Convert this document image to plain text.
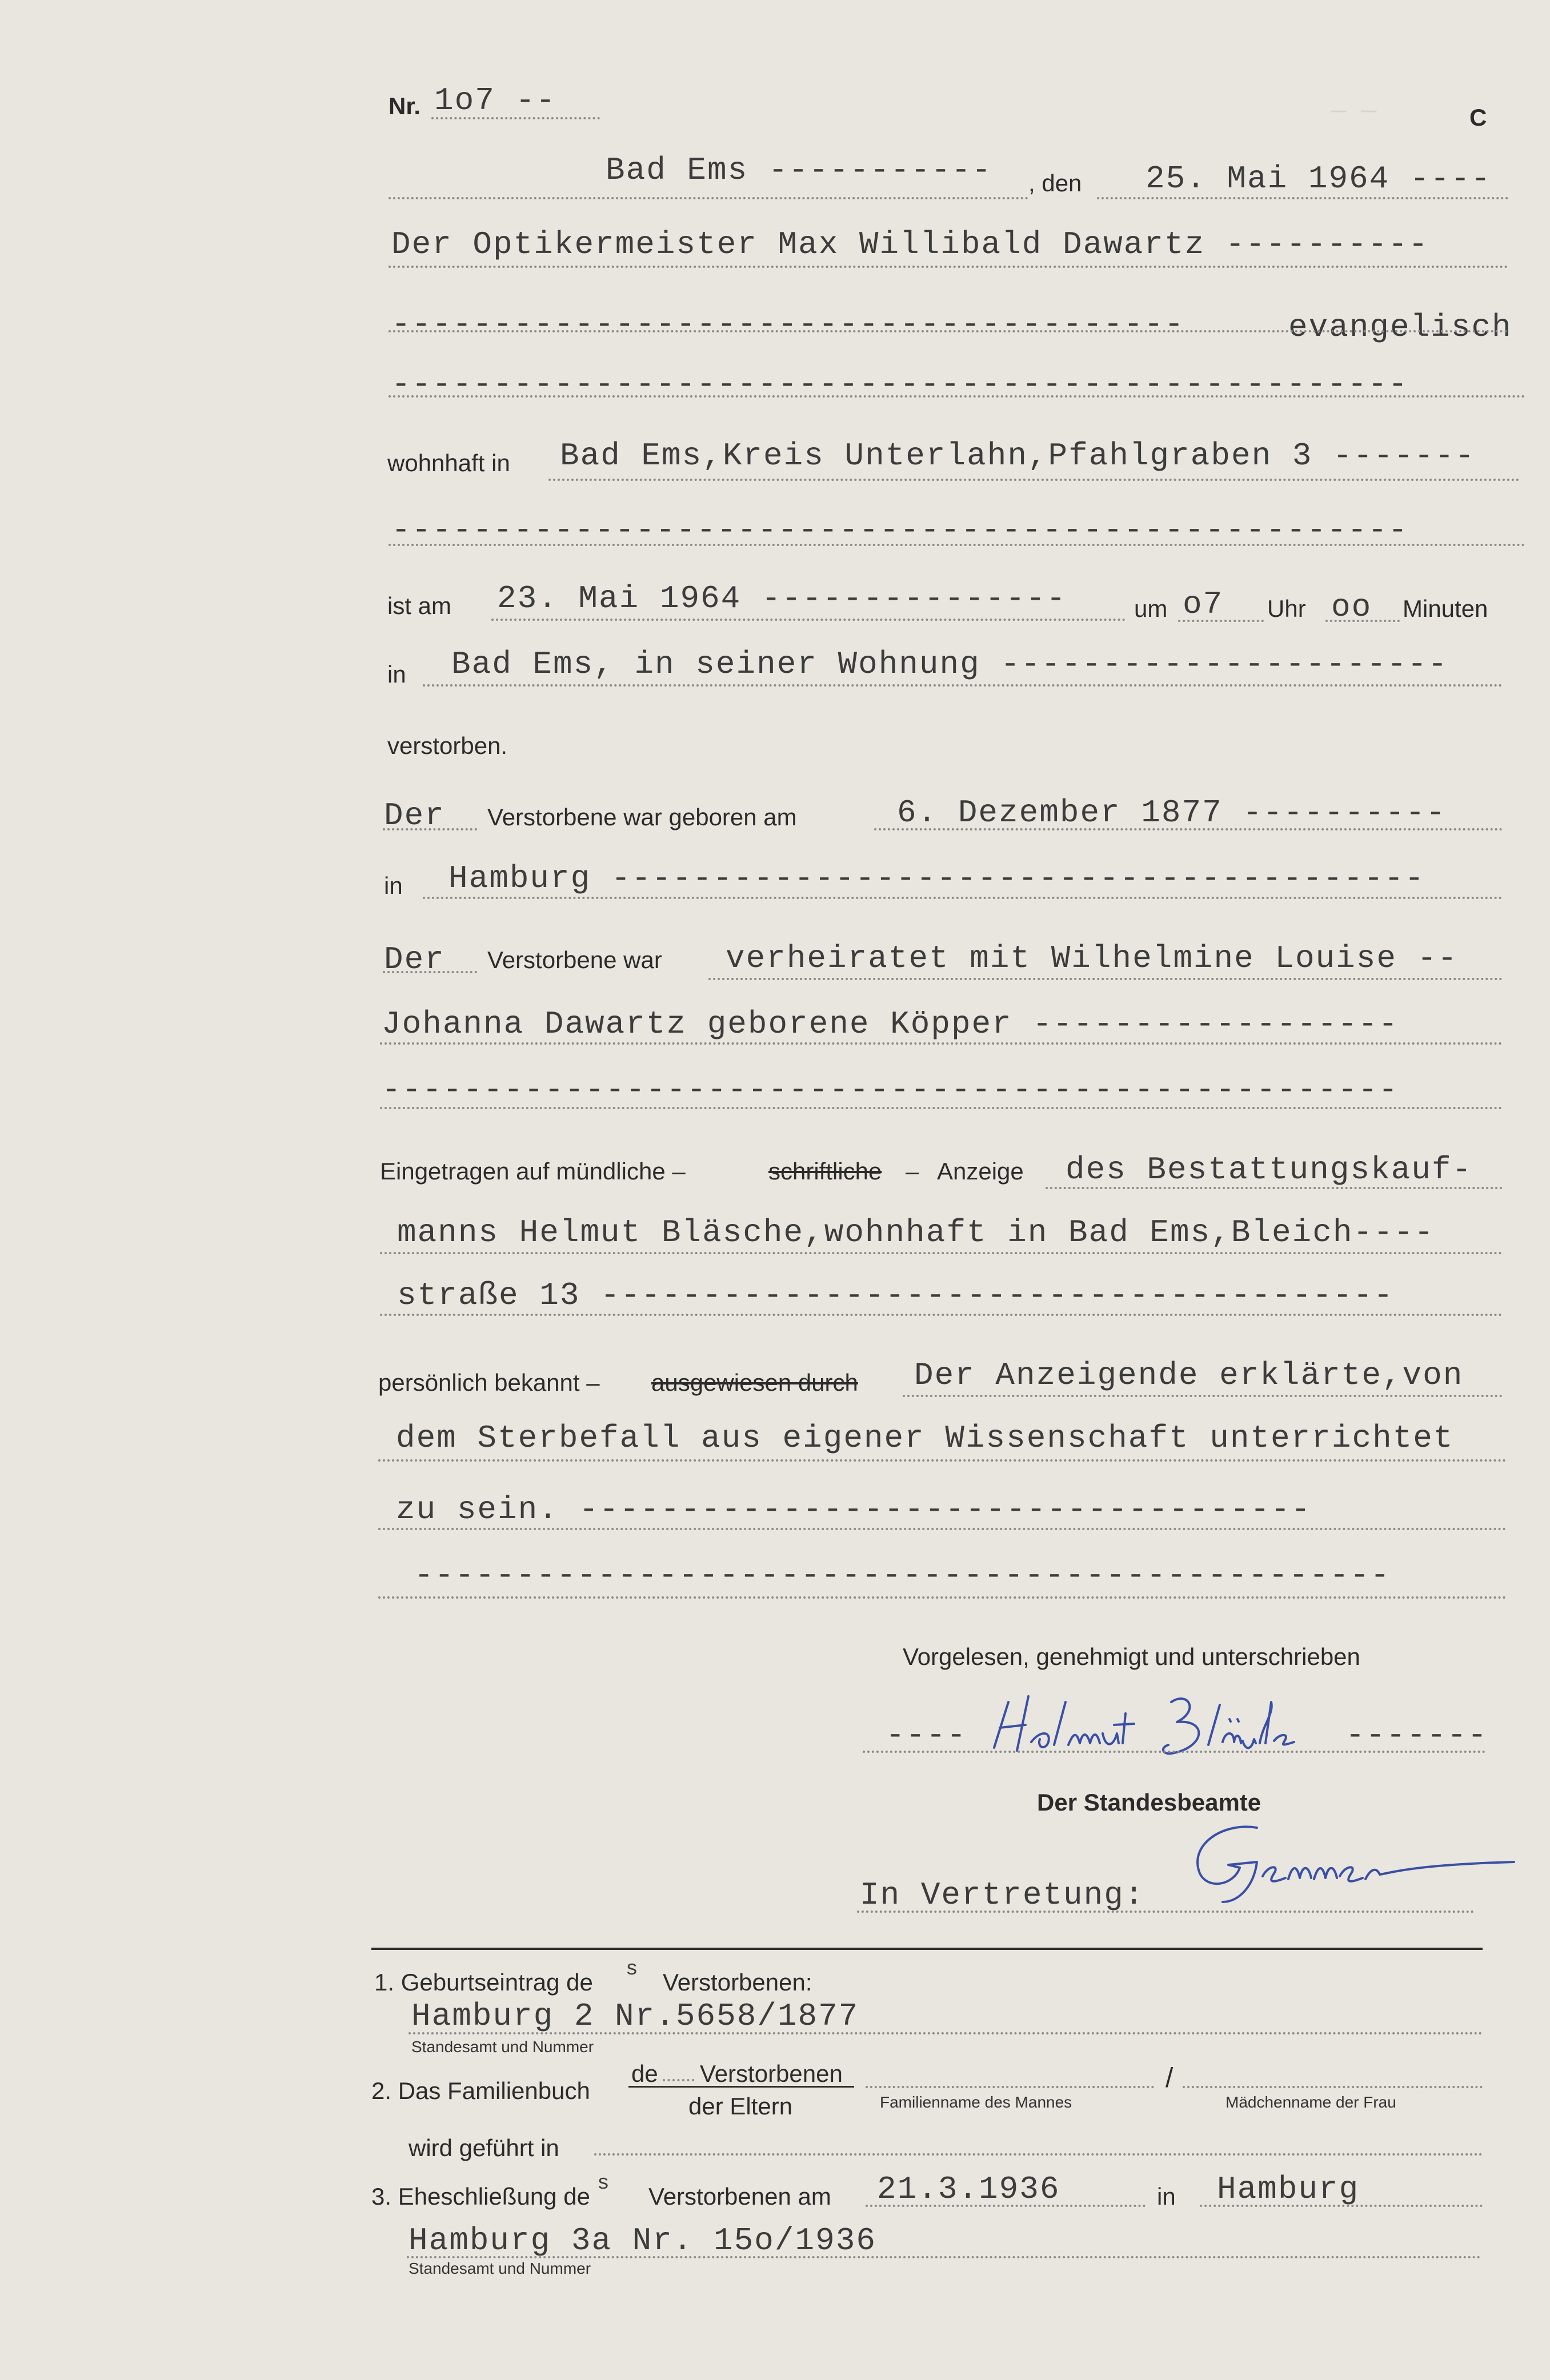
— —
Nr. 1o7 --	C
Bad Ems ----------- , den 25. Mai 1964 ----
Der Optikermeister Max Willibald Dawartz ----------
---------------------------------------	evangelisch
--------------------------------------------------
wohnhaft in Bad Ems,Kreis Unterlahn,Pfahlgraben 3 -------
--------------------------------------------------
ist am 23. Mai 1964 ---------------	um o7 Uhr oo Minuten
in Bad Ems, in seiner Wohnung ----------------------
verstorben.
Der Verstorbene war geboren am	6. Dezember 1877 ----------
in Hamburg ----------------------------------------
Der Verstorbene war verheiratet mit Wilhelmine Louise --
Johanna Dawartz geborene Köpper ------------------
--------------------------------------------------
Eingetragen auf mündliche –	schriftliche – Anzeige des Bestattungskauf-
manns Helmut Bläsche,wohnhaft in Bad Ems,Bleich----
straße 13 ---------------------------------------
persönlich bekannt – ausgewiesen durch Der Anzeigende erklärte,von
dem Sterbefall aus eigener Wissenschaft unterrichtet
zu sein. ------------------------------------
------------------------------------------------
Vorgelesen, genehmigt und unterschrieben
----	-------
Der Standesbeamte
In Vertretung:
1. Geburtseintrag de s Verstorbenen:
Hamburg 2 Nr.5658/1877
Standesamt und Nummer
2. Das Familienbuch
de Verstorbenen
der Eltern
/
Familienname des Mannes	Mädchenname der Frau
wird geführt in
3. Eheschließung de s Verstorbenen am 21.3.1936	in Hamburg
Hamburg 3a Nr. 15o/1936
Standesamt und Nummer
